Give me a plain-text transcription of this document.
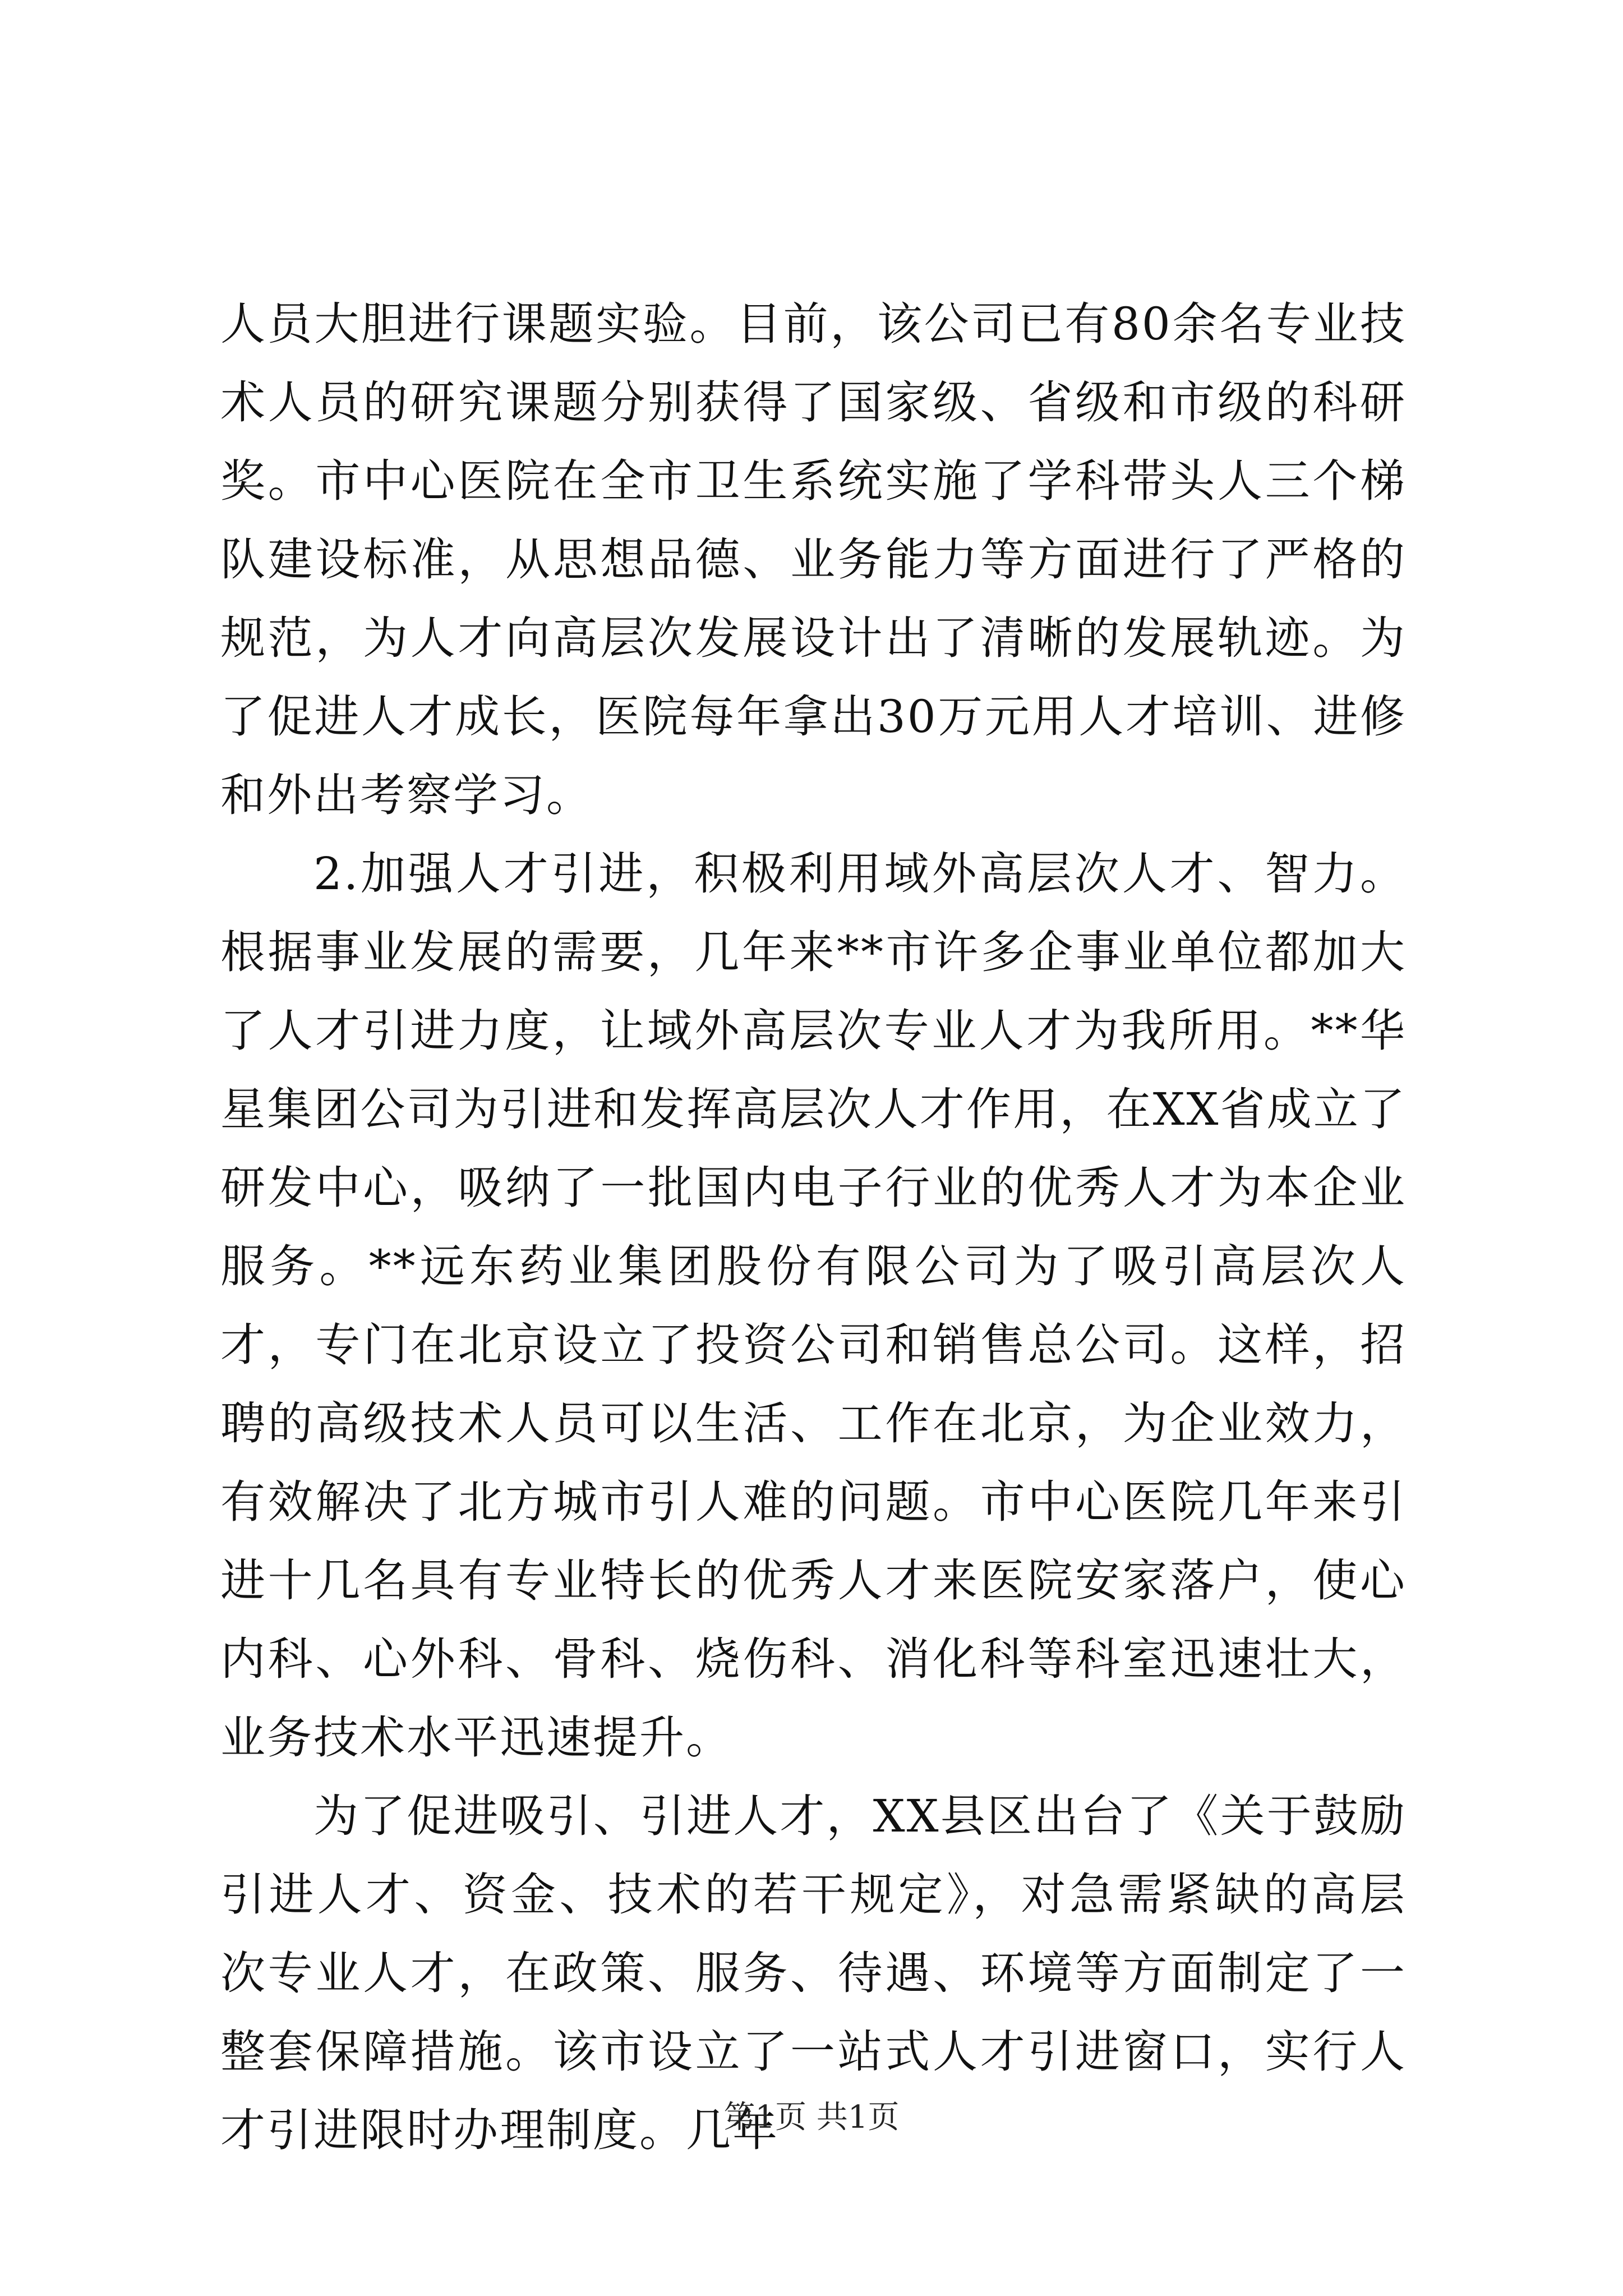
人员大胆进行课题实验。目前，该公司已有80余名专业技术人员的研究课题分别获得了国家级、省级和市级的科研奖。市中心医院在全市卫生系统实施了学科带头人三个梯队建设标准，从思想品德、业务能力等方面进行了严格的规范，为人才向高层次发展设计出了清晰的发展轨迹。为了促进人才成长，医院每年拿出30万元用人才培训、进修和外出考察学习。

2.加强人才引进，积极利用域外高层次人才、智力。根据事业发展的需要，几年来**市许多企事业单位都加大了人才引进力度，让域外高层次专业人才为我所用。**华星集团公司为引进和发挥高层次人才作用，在XX省成立了研发中心，吸纳了一批国内电子行业的优秀人才为本企业服务。**远东药业集团股份有限公司为了吸引高层次人才，专门在北京设立了投资公司和销售总公司。这样，招聘的高级技术人员可以生活、工作在北京，为企业效力，有效解决了北方城市引人难的问题。市中心医院几年来引进十几名具有专业特长的优秀人才来医院安家落户，使心内科、心外科、骨科、烧伤科、消化科等科室迅速壮大，业务技术水平迅速提升。

为了促进吸引、引进人才，XX县区出台了《关于鼓励引进人才、资金、技术的若干规定》，对急需紧缺的高层次专业人才，在政策、服务、待遇、环境等方面制定了一整套保障措施。该市设立了一站式人才引进窗口，实行人才引进限时办理制度。几年

第1页 共1页
